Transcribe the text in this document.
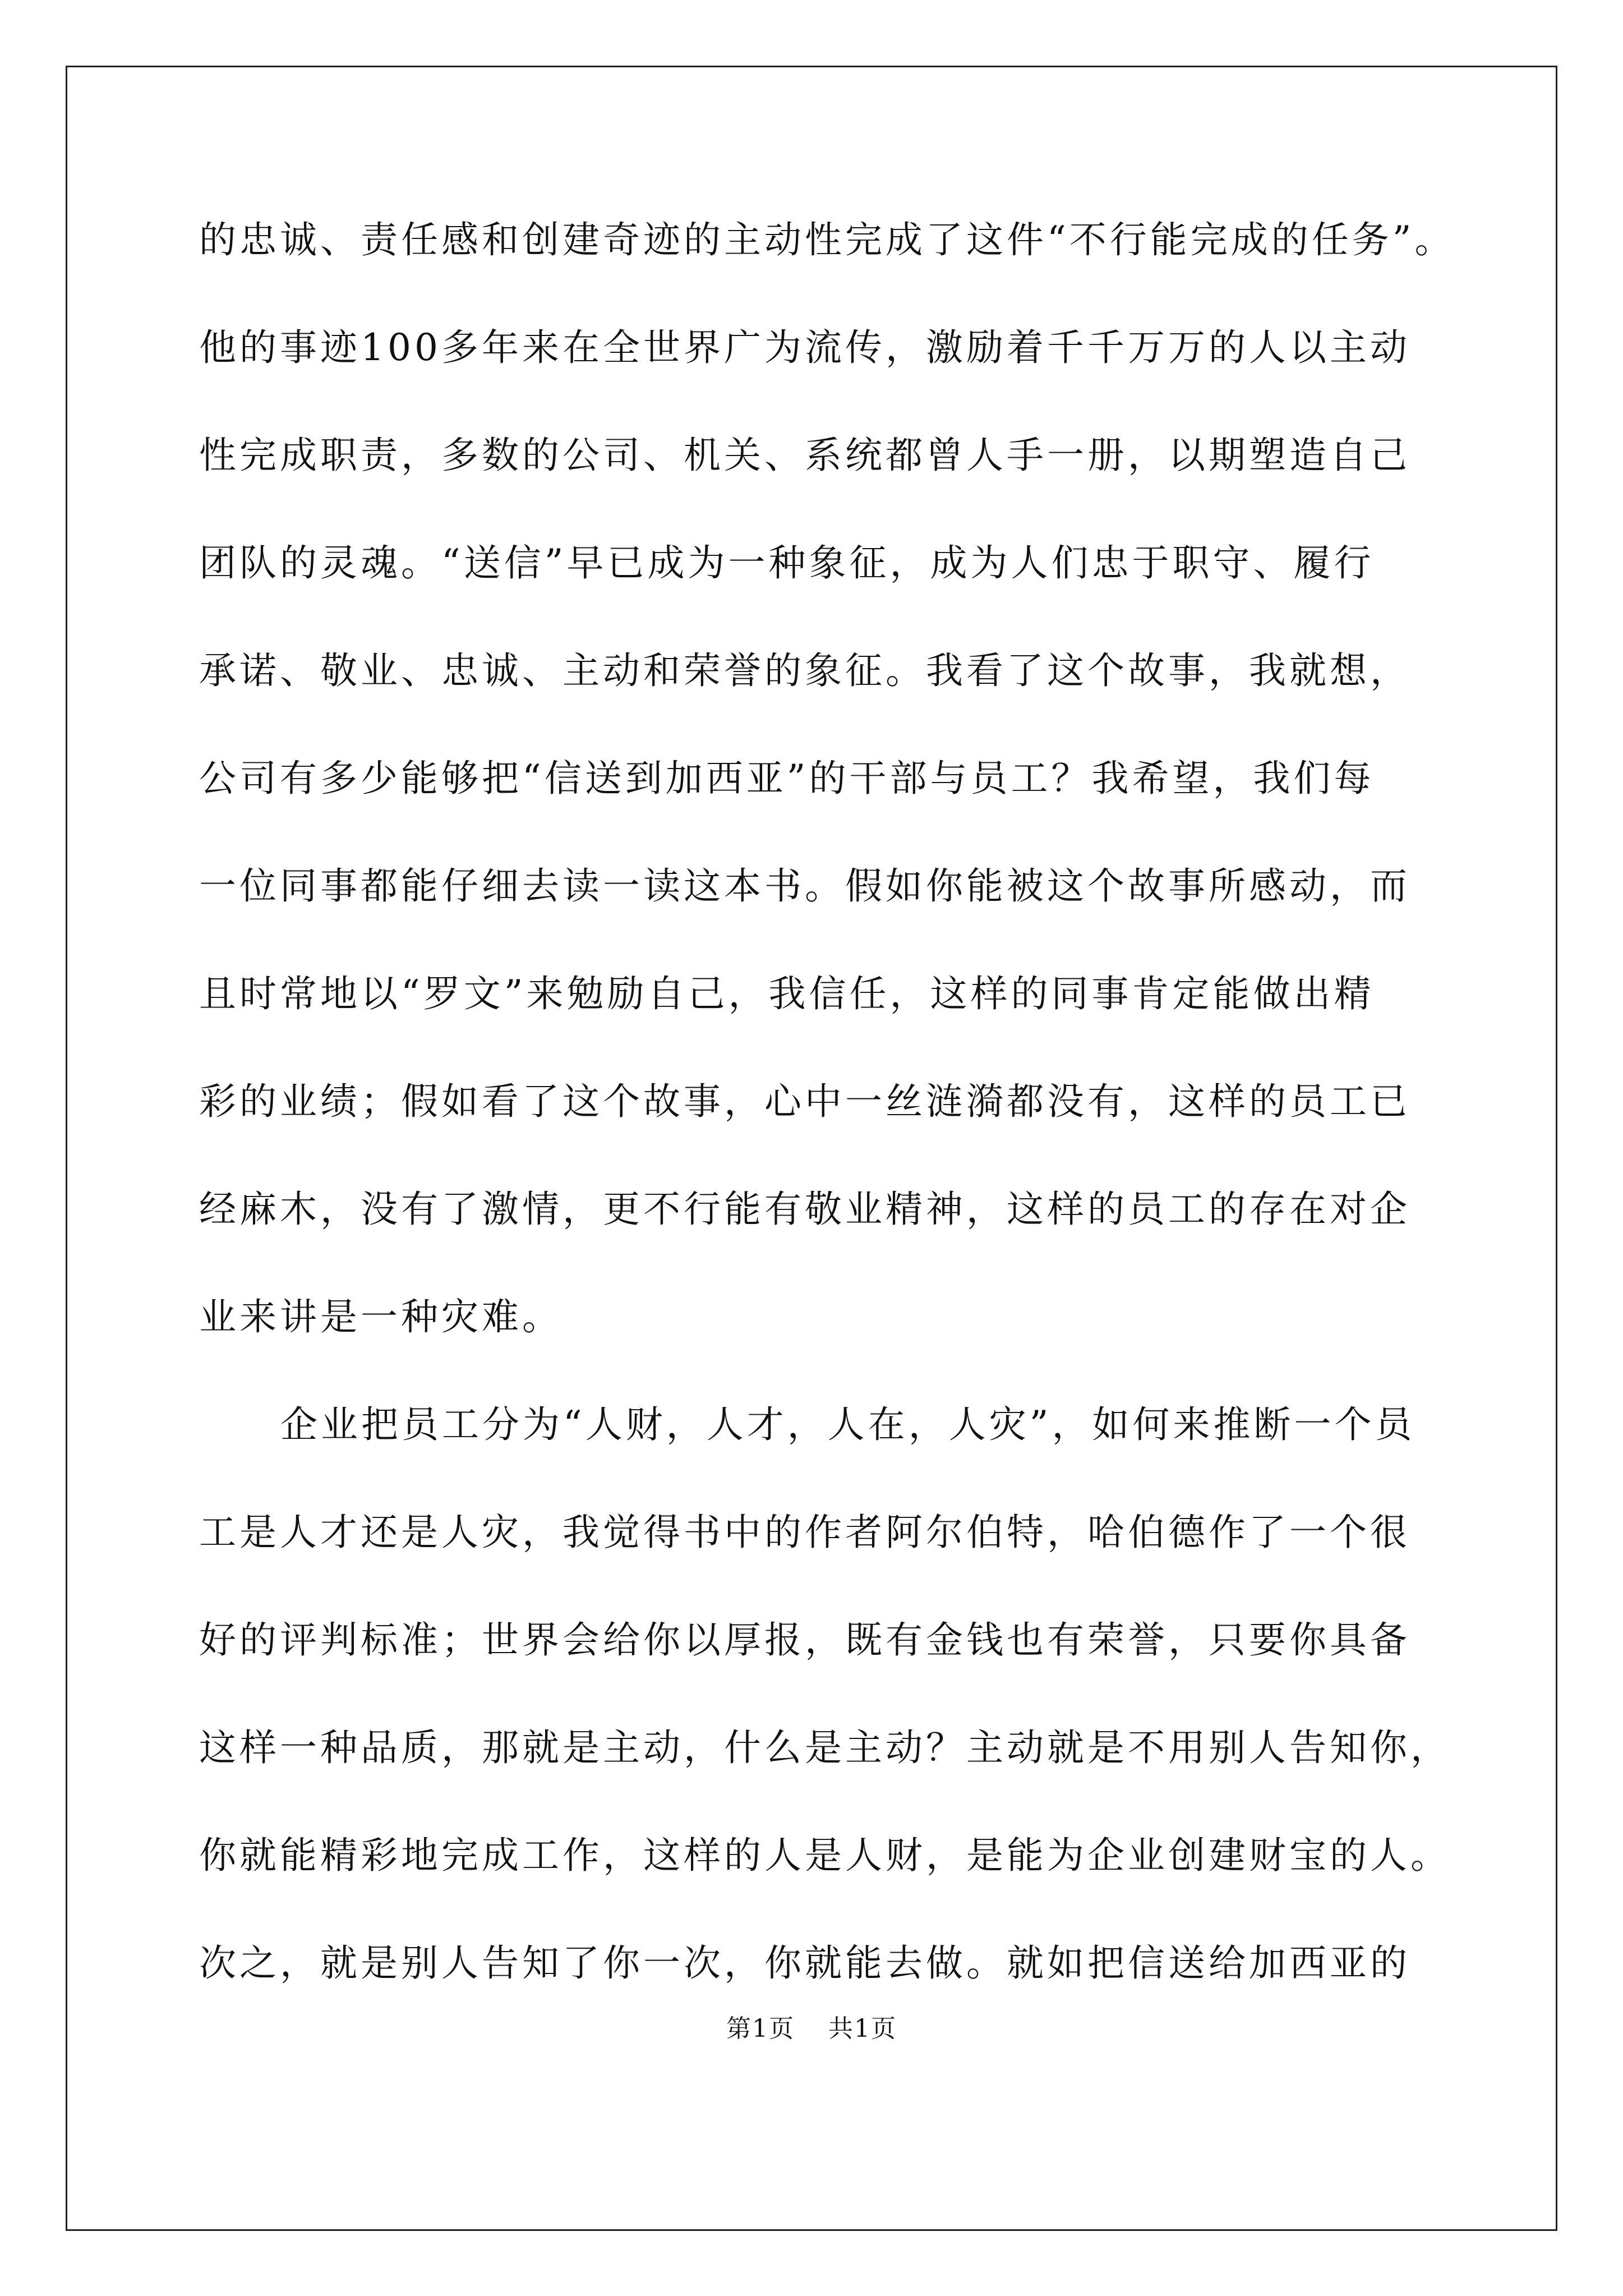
的忠诚、责任感和创建奇迹的主动性完成了这件“不行能完成的任务”。
他的事迹100多年来在全世界广为流传，激励着千千万万的人以主动
性完成职责，多数的公司、机关、系统都曾人手一册，以期塑造自己
团队的灵魂。“送信”早已成为一种象征，成为人们忠于职守、履行
承诺、敬业、忠诚、主动和荣誉的象征。我看了这个故事，我就想，
公司有多少能够把“信送到加西亚”的干部与员工？我希望，我们每
一位同事都能仔细去读一读这本书。假如你能被这个故事所感动，而
且时常地以“罗文”来勉励自己，我信任，这样的同事肯定能做出精
彩的业绩；假如看了这个故事，心中一丝涟漪都没有，这样的员工已
经麻木，没有了激情，更不行能有敬业精神，这样的员工的存在对企
业来讲是一种灾难。
企业把员工分为“人财，人才，人在，人灾”，如何来推断一个员
工是人才还是人灾，我觉得书中的作者阿尔伯特，哈伯德作了一个很
好的评判标准；世界会给你以厚报，既有金钱也有荣誉，只要你具备
这样一种品质，那就是主动，什么是主动？主动就是不用别人告知你，
你就能精彩地完成工作，这样的人是人财，是能为企业创建财宝的人。
次之，就是别人告知了你一次，你就能去做。就如把信送给加西亚的
第1页 共1页
